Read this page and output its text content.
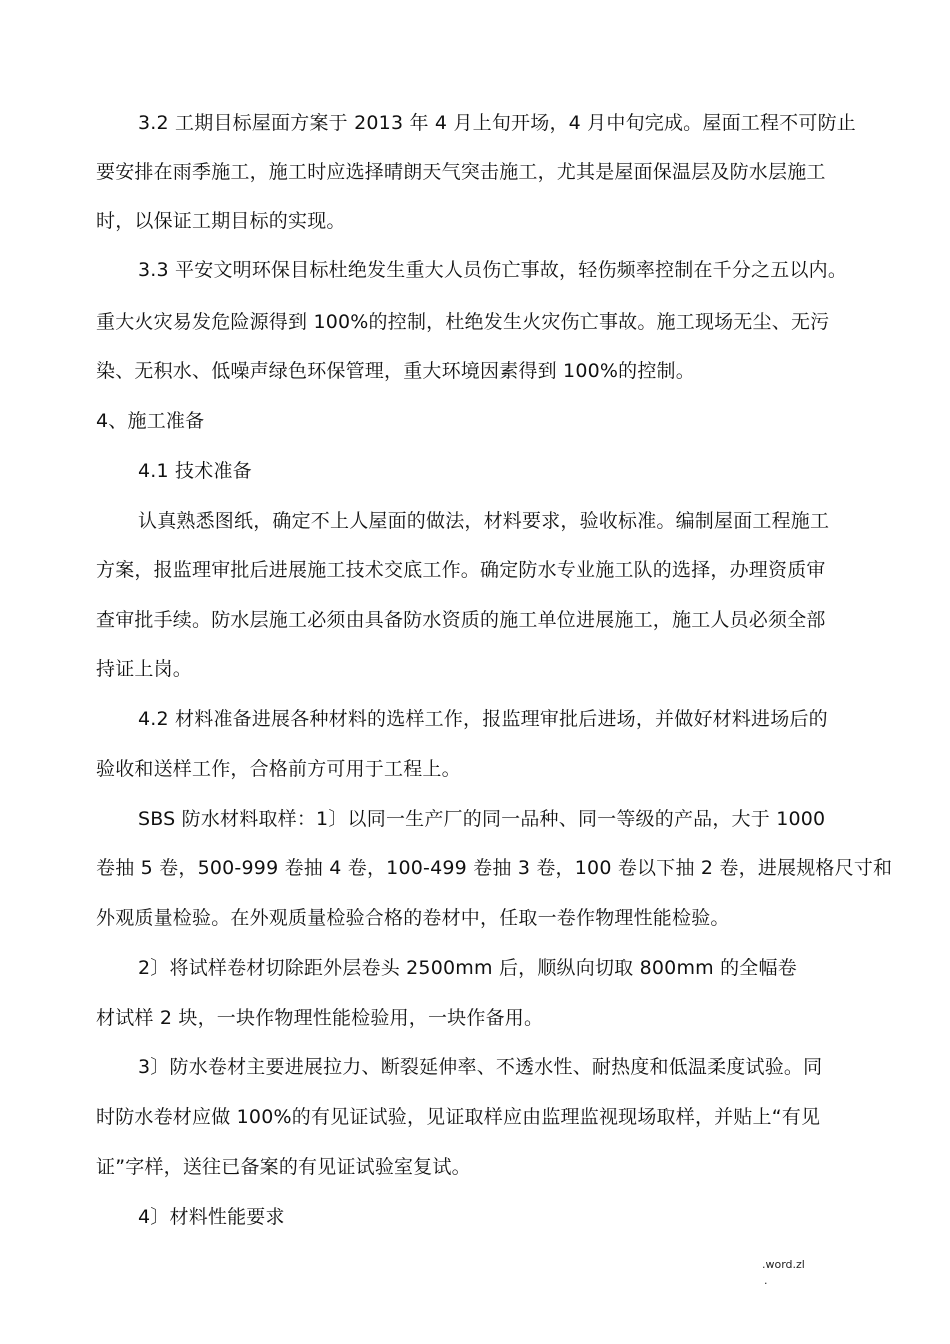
3.2 工期目标屋面方案于 2013 年 4 月上旬开场，4 月中旬完成。屋面工程不可防止
要安排在雨季施工，施工时应选择晴朗天气突击施工，尤其是屋面保温层及防水层施工
时，以保证工期目标的实现。
3.3 平安文明环保目标杜绝发生重大人员伤亡事故，轻伤频率控制在千分之五以内。
重大火灾易发危险源得到 100%的控制，杜绝发生火灾伤亡事故。施工现场无尘、无污
染、无积水、低噪声绿色环保管理，重大环境因素得到 100%的控制。
4、施工准备
4.1 技术准备
认真熟悉图纸，确定不上人屋面的做法，材料要求，验收标准。编制屋面工程施工
方案，报监理审批后进展施工技术交底工作。确定防水专业施工队的选择，办理资质审
查审批手续。防水层施工必须由具备防水资质的施工单位进展施工，施工人员必须全部
持证上岗。
4.2 材料准备进展各种材料的选样工作，报监理审批后进场，并做好材料进场后的
验收和送样工作，合格前方可用于工程上。
SBS 防水材料取样：1〕以同一生产厂的同一品种、同一等级的产品，大于 1000
卷抽 5 卷，500-999 卷抽 4 卷，100-499 卷抽 3 卷，100 卷以下抽 2 卷，进展规格尺寸和
外观质量检验。在外观质量检验合格的卷材中，任取一卷作物理性能检验。
2〕将试样卷材切除距外层卷头 2500mm 后，顺纵向切取 800mm 的全幅卷
材试样 2 块，一块作物理性能检验用，一块作备用。
3〕防水卷材主要进展拉力、断裂延伸率、不透水性、耐热度和低温柔度试验。同
时防水卷材应做 100%的有见证试验，见证取样应由监理监视现场取样，并贴上“有见
证”字样，送往已备案的有见证试验室复试。
4〕材料性能要求
.word.zl
.
